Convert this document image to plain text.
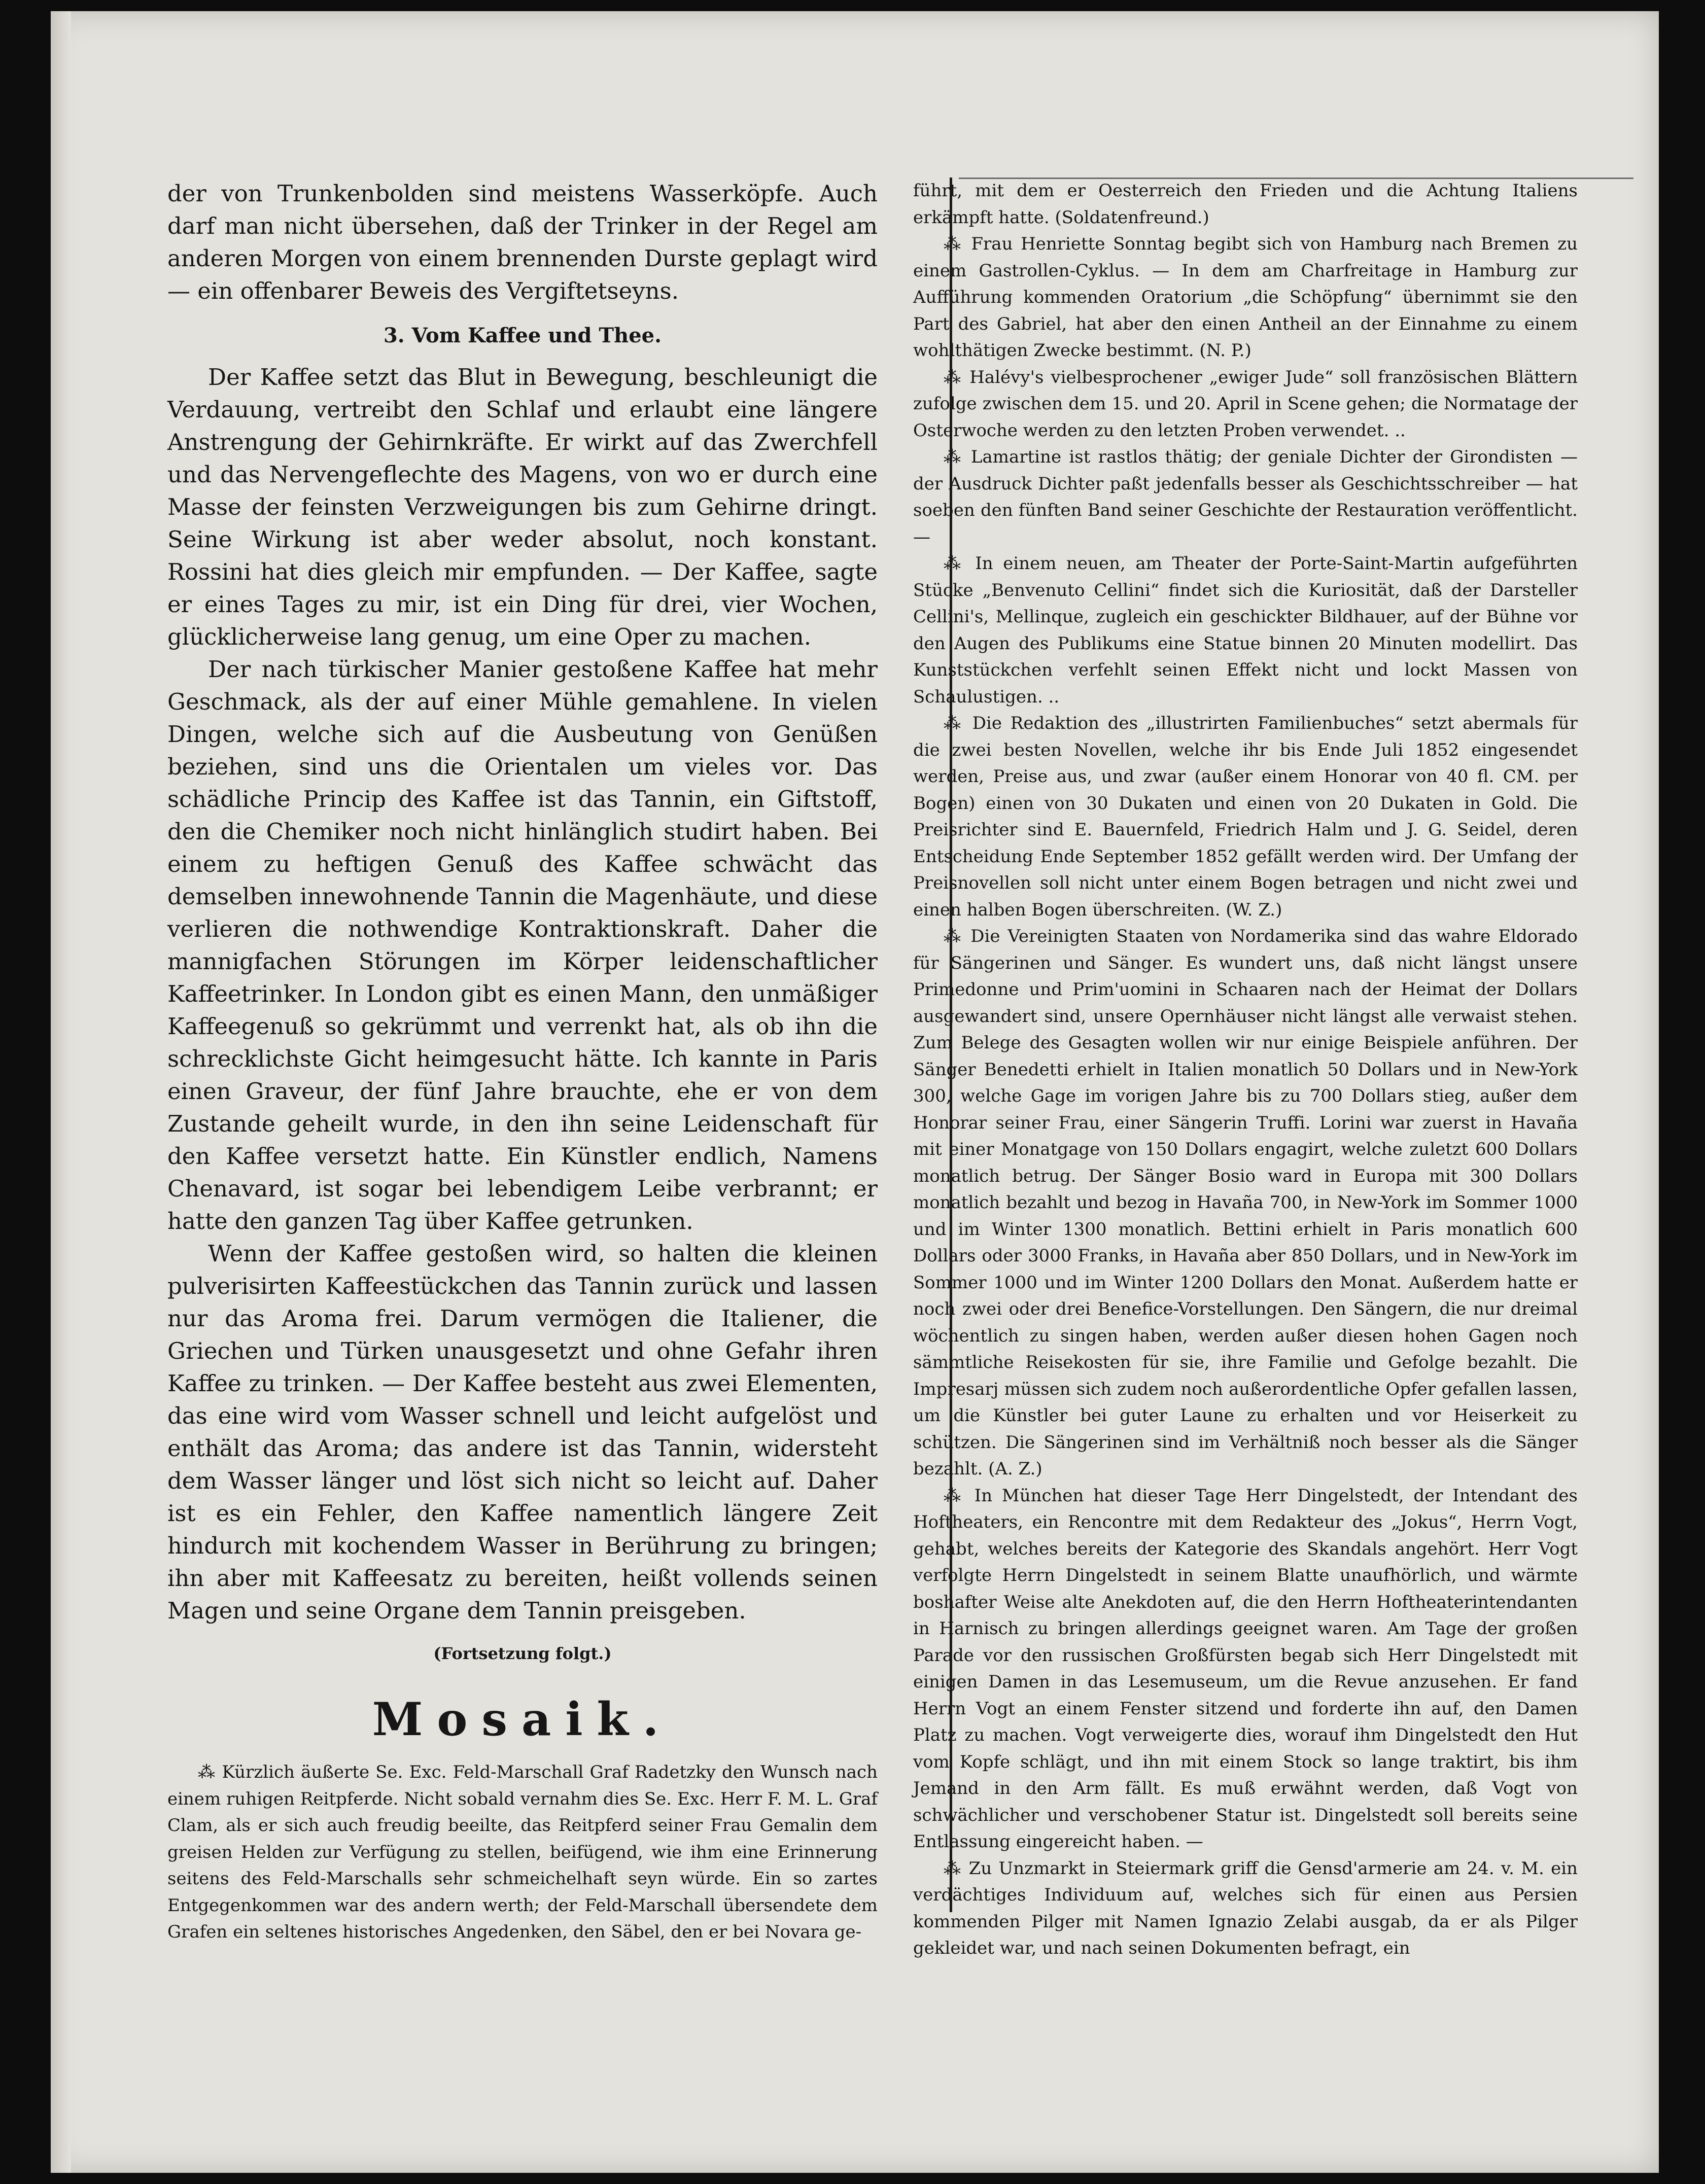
der von Trunkenbolden sind meistens Wasserköpfe. Auch darf man nicht übersehen, daß der Trinker in der Regel am anderen Morgen von einem brennenden Durste geplagt wird — ein offenbarer Beweis des Vergiftetseyns.

3. Vom Kaffee und Thee.

Der Kaffee setzt das Blut in Bewegung, beschleunigt die Verdauung, vertreibt den Schlaf und erlaubt eine längere Anstrengung der Gehirnkräfte. Er wirkt auf das Zwerchfell und das Nervengeflechte des Magens, von wo er durch eine Masse der feinsten Verzweigungen bis zum Gehirne dringt. Seine Wirkung ist aber weder absolut, noch konstant. Rossini hat dies gleich mir empfunden. — Der Kaffee, sagte er eines Tages zu mir, ist ein Ding für drei, vier Wochen, glücklicherweise lang genug, um eine Oper zu machen.

Der nach türkischer Manier gestoßene Kaffee hat mehr Geschmack, als der auf einer Mühle gemahlene. In vielen Dingen, welche sich auf die Ausbeutung von Genüßen beziehen, sind uns die Orientalen um vieles vor. Das schädliche Princip des Kaffee ist das Tannin, ein Giftstoff, den die Chemiker noch nicht hinlänglich studirt haben. Bei einem zu heftigen Genuß des Kaffee schwächt das demselben innewohnende Tannin die Magenhäute, und diese verlieren die nothwendige Kontraktionskraft. Daher die mannigfachen Störungen im Körper leidenschaftlicher Kaffeetrinker. In London gibt es einen Mann, den unmäßiger Kaffeegenuß so gekrümmt und verrenkt hat, als ob ihn die schrecklichste Gicht heimgesucht hätte. Ich kannte in Paris einen Graveur, der fünf Jahre brauchte, ehe er von dem Zustande geheilt wurde, in den ihn seine Leidenschaft für den Kaffee versetzt hatte. Ein Künstler endlich, Namens Chenavard, ist sogar bei lebendigem Leibe verbrannt; er hatte den ganzen Tag über Kaffee getrunken.

Wenn der Kaffee gestoßen wird, so halten die kleinen pulverisirten Kaffeestückchen das Tannin zurück und lassen nur das Aroma frei. Darum vermögen die Italiener, die Griechen und Türken unausgesetzt und ohne Gefahr ihren Kaffee zu trinken. — Der Kaffee besteht aus zwei Elementen, das eine wird vom Wasser schnell und leicht aufgelöst und enthält das Aroma; das andere ist das Tannin, widersteht dem Wasser länger und löst sich nicht so leicht auf. Daher ist es ein Fehler, den Kaffee namentlich längere Zeit hindurch mit kochendem Wasser in Berührung zu bringen; ihn aber mit Kaffeesatz zu bereiten, heißt vollends seinen Magen und seine Organe dem Tannin preisgeben.

(Fortsetzung folgt.)
Mosaik.

⁂ Kürzlich äußerte Se. Exc. Feld-Marschall Graf Radetzky den Wunsch nach einem ruhigen Reitpferde. Nicht sobald vernahm dies Se. Exc. Herr F. M. L. Graf Clam, als er sich auch freudig beeilte, das Reitpferd seiner Frau Gemalin dem greisen Helden zur Verfügung zu stellen, beifügend, wie ihm eine Erinnerung seitens des Feld-Marschalls sehr schmeichelhaft seyn würde. Ein so zartes Entgegenkommen war des andern werth; der Feld-Marschall übersendete dem Grafen ein seltenes historisches Angedenken, den Säbel, den er bei Novara ge-

führt, mit dem er Oesterreich den Frieden und die Achtung Italiens erkämpft hatte. (Soldatenfreund.)

⁂ Frau Henriette Sonntag begibt sich von Hamburg nach Bremen zu einem Gastrollen-Cyklus. — In dem am Charfreitage in Hamburg zur Aufführung kommenden Oratorium „die Schöpfung“ übernimmt sie den Part des Gabriel, hat aber den einen Antheil an der Einnahme zu einem wohlthätigen Zwecke bestimmt. (N. P.)

⁂ Halévy's vielbesprochener „ewiger Jude“ soll französischen Blättern zufolge zwischen dem 15. und 20. April in Scene gehen; die Normatage der Osterwoche werden zu den letzten Proben verwendet. ..

⁂ Lamartine ist rastlos thätig; der geniale Dichter der Girondisten — der Ausdruck Dichter paßt jedenfalls besser als Geschichtsschreiber — hat soeben den fünften Band seiner Geschichte der Restauration veröffentlicht. —

⁂ In einem neuen, am Theater der Porte-Saint-Martin aufgeführten Stücke „Benvenuto Cellini“ findet sich die Kuriosität, daß der Darsteller Cellini's, Mellinque, zugleich ein geschickter Bildhauer, auf der Bühne vor den Augen des Publikums eine Statue binnen 20 Minuten modellirt. Das Kunststückchen verfehlt seinen Effekt nicht und lockt Massen von Schaulustigen. ..

⁂ Die Redaktion des „illustrirten Familienbuches“ setzt abermals für die zwei besten Novellen, welche ihr bis Ende Juli 1852 eingesendet werden, Preise aus, und zwar (außer einem Honorar von 40 fl. CM. per Bogen) einen von 30 Dukaten und einen von 20 Dukaten in Gold. Die Preisrichter sind E. Bauernfeld, Friedrich Halm und J. G. Seidel, deren Entscheidung Ende September 1852 gefällt werden wird. Der Umfang der Preisnovellen soll nicht unter einem Bogen betragen und nicht zwei und einen halben Bogen überschreiten. (W. Z.)

⁂ Die Vereinigten Staaten von Nordamerika sind das wahre Eldorado für Sängerinen und Sänger. Es wundert uns, daß nicht längst unsere Primedonne und Prim'uomini in Schaaren nach der Heimat der Dollars ausgewandert sind, unsere Opernhäuser nicht längst alle verwaist stehen. Zum Belege des Gesagten wollen wir nur einige Beispiele anführen. Der Sänger Benedetti erhielt in Italien monatlich 50 Dollars und in New-York 300, welche Gage im vorigen Jahre bis zu 700 Dollars stieg, außer dem Honorar seiner Frau, einer Sängerin Truffi. Lorini war zuerst in Havaña mit einer Monatgage von 150 Dollars engagirt, welche zuletzt 600 Dollars monatlich betrug. Der Sänger Bosio ward in Europa mit 300 Dollars monatlich bezahlt und bezog in Havaña 700, in New-York im Sommer 1000 und im Winter 1300 monatlich. Bettini erhielt in Paris monatlich 600 Dollars oder 3000 Franks, in Havaña aber 850 Dollars, und in New-York im Sommer 1000 und im Winter 1200 Dollars den Monat. Außerdem hatte er noch zwei oder drei Benefice-Vorstellungen. Den Sängern, die nur dreimal wöchentlich zu singen haben, werden außer diesen hohen Gagen noch sämmtliche Reisekosten für sie, ihre Familie und Gefolge bezahlt. Die Impresarj müssen sich zudem noch außerordentliche Opfer gefallen lassen, um die Künstler bei guter Laune zu erhalten und vor Heiserkeit zu schützen. Die Sängerinen sind im Verhältniß noch besser als die Sänger bezahlt. (A. Z.)

⁂ In München hat dieser Tage Herr Dingelstedt, der Intendant des Hoftheaters, ein Rencontre mit dem Redakteur des „Jokus“, Herrn Vogt, gehabt, welches bereits der Kategorie des Skandals angehört. Herr Vogt verfolgte Herrn Dingelstedt in seinem Blatte unaufhörlich, und wärmte boshafter Weise alte Anekdoten auf, die den Herrn Hoftheaterintendanten in Harnisch zu bringen allerdings geeignet waren. Am Tage der großen Parade vor den russischen Großfürsten begab sich Herr Dingelstedt mit einigen Damen in das Lesemuseum, um die Revue anzusehen. Er fand Herrn Vogt an einem Fenster sitzend und forderte ihn auf, den Damen Platz zu machen. Vogt verweigerte dies, worauf ihm Dingelstedt den Hut vom Kopfe schlägt, und ihn mit einem Stock so lange traktirt, bis ihm Jemand in den Arm fällt. Es muß erwähnt werden, daß Vogt von schwächlicher und verschobener Statur ist. Dingelstedt soll bereits seine Entlassung eingereicht haben. —

⁂ Zu Unzmarkt in Steiermark griff die Gensd'armerie am 24. v. M. ein verdächtiges Individuum auf, welches sich für einen aus Persien kommenden Pilger mit Namen Ignazio Zelabi ausgab, da er als Pilger gekleidet war, und nach seinen Dokumenten befragt, ein
